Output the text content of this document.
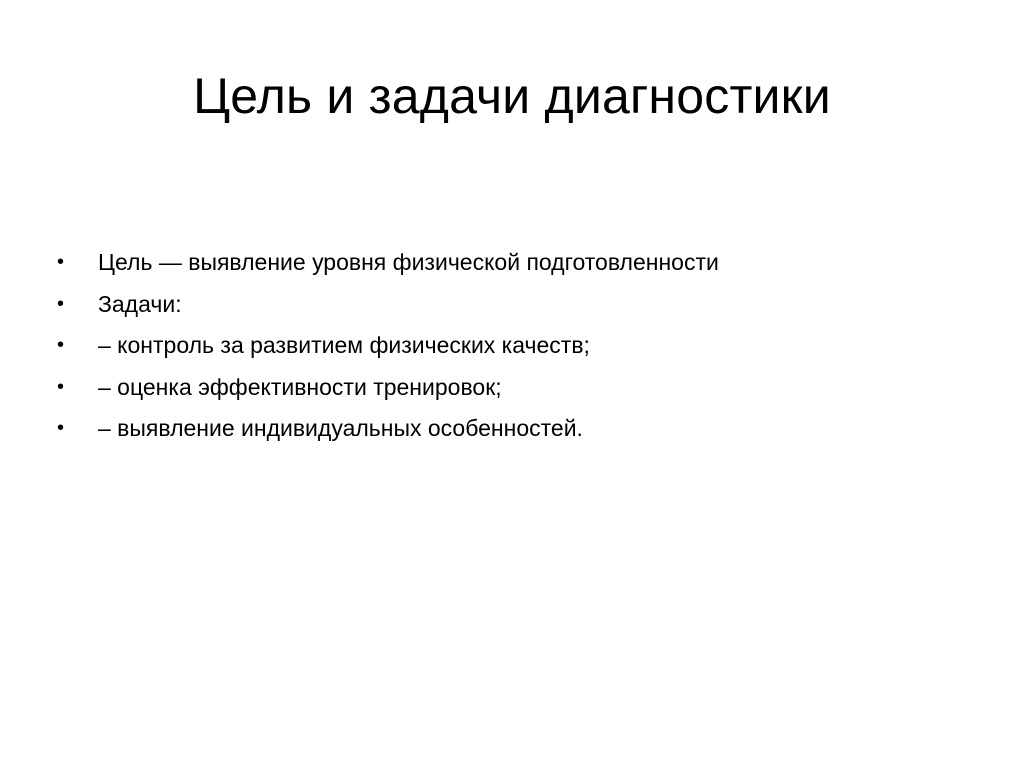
Цель и задачи диагностики
•	Цель — выявление уровня физической подготовленности
•	Задачи:
•	– контроль за развитием физических качеств;
•	– оценка эффективности тренировок;
•	– выявление индивидуальных особенностей.
